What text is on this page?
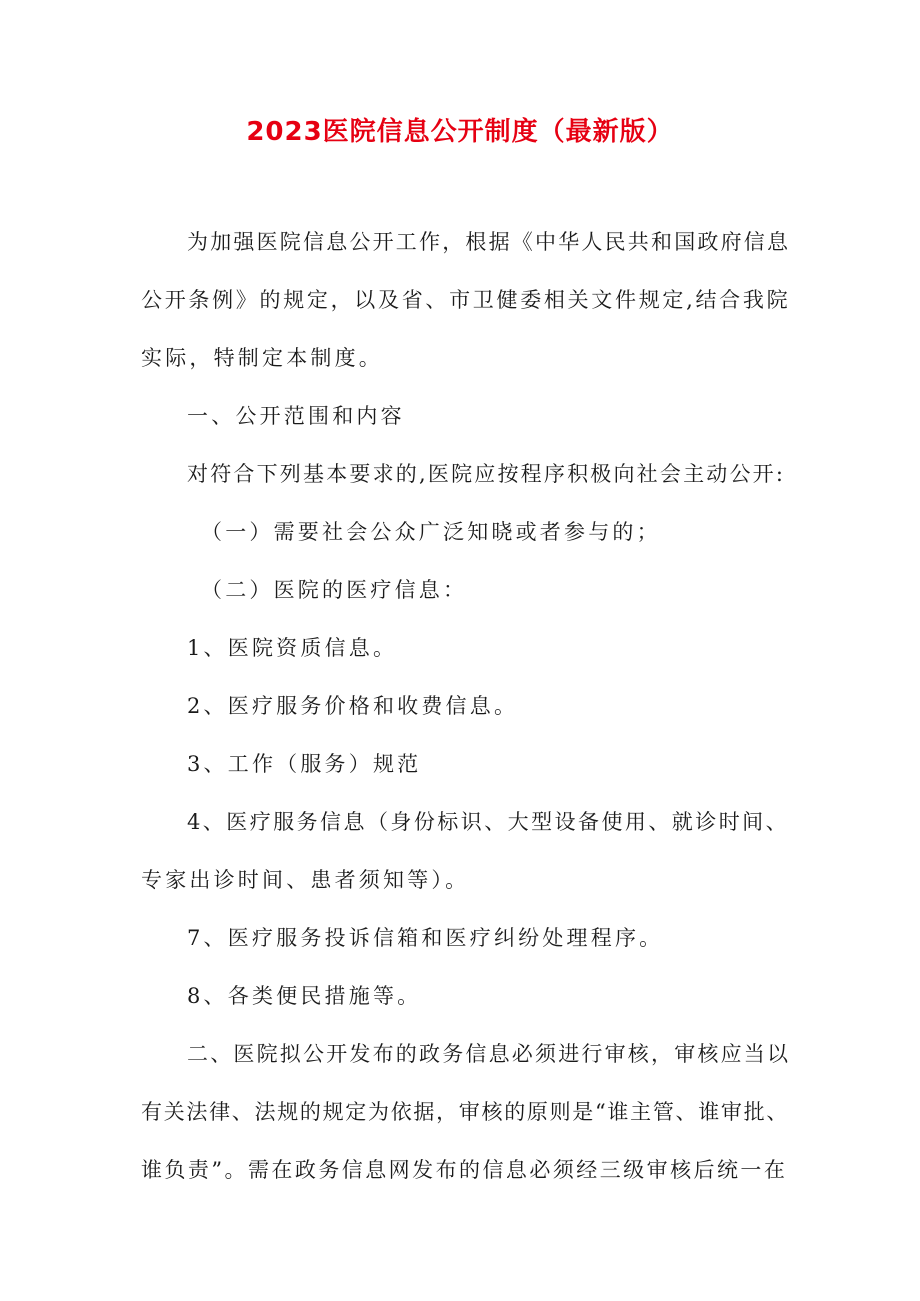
2023医院信息公开制度（最新版）
为加强医院信息公开工作，根据《中华人民共和国政府信息
公开条例》的规定，以及省、市卫健委相关文件规定,结合我院
实际，特制定本制度。
一、公开范围和内容
对符合下列基本要求的,医院应按程序积极向社会主动公开:
（一）需要社会公众广泛知晓或者参与的；
（二）医院的医疗信息：
1、医院资质信息。
2、医疗服务价格和收费信息。
3、工作（服务）规范
4、医疗服务信息（身份标识、大型设备使用、就诊时间、
专家出诊时间、患者须知等）。
7、医疗服务投诉信箱和医疗纠纷处理程序。
8、各类便民措施等。
二、医院拟公开发布的政务信息必须进行审核，审核应当以
有关法律、法规的规定为依据，审核的原则是“谁主管、谁审批、
谁负责”。需在政务信息网发布的信息必须经三级审核后统一在
